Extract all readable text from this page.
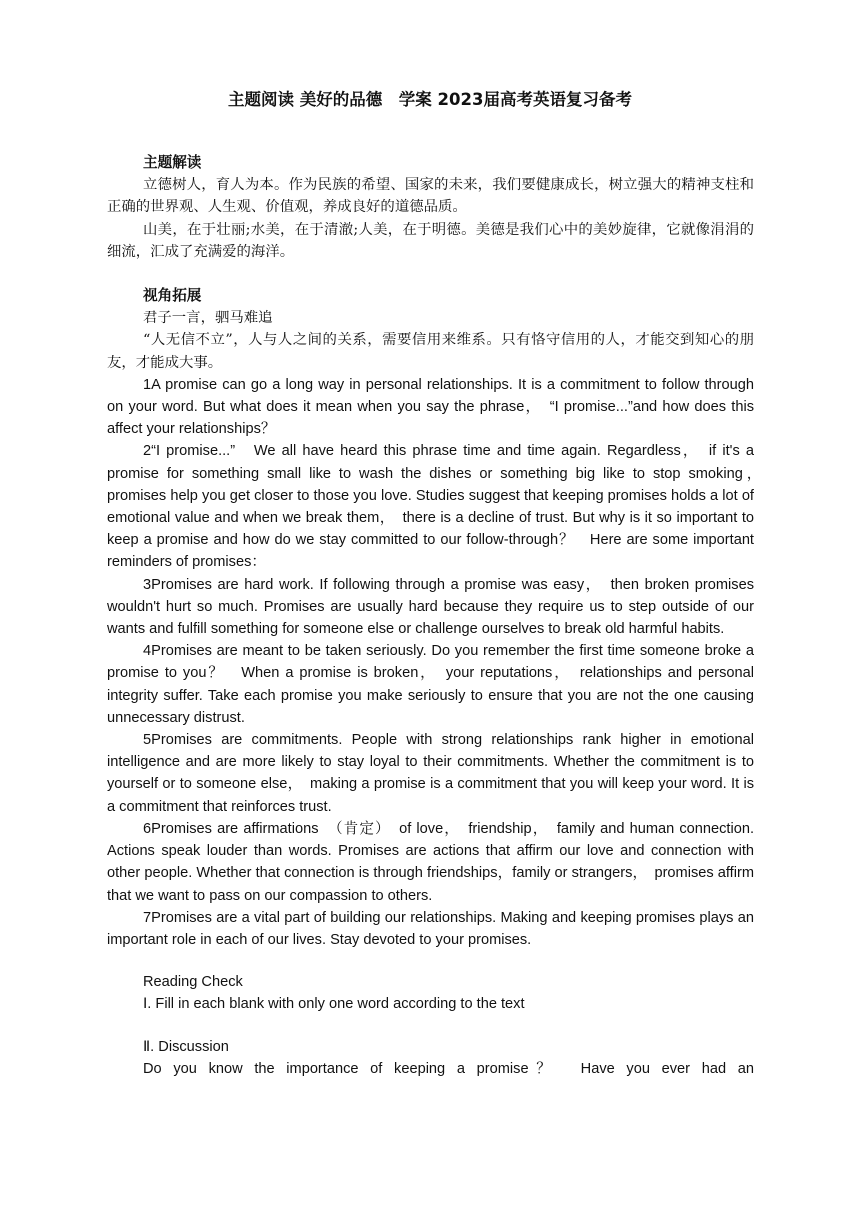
主题阅读 美好的品德　学案 2023届高考英语复习备考

主题解读

立德树人，育人为本。作为民族的希望、国家的未来，我们要健康成长，树立强大的精神支柱和正确的世界观、人生观、价值观，养成良好的道德品质。

山美，在于壮丽;水美，在于清澈;人美，在于明德。美德是我们心中的美妙旋律，它就像涓涓的细流，汇成了充满爱的海洋。

视角拓展

君子一言，驷马难追

“人无信不立”，人与人之间的关系，需要信用来维系。只有恪守信用的人，才能交到知心的朋友，才能成大事。

1A promise can go a long way in personal relationships. It is a commitment to follow through on your word. But what does it mean when you say the phrase，　“I promise...”and how does this affect your relationships？

2“I promise...”　We all have heard this phrase time and time again. Regardless，　if it's a promise for something small like to wash the dishes or something big like to stop smoking，　promises help you get closer to those you love. Studies suggest that keeping promises holds a lot of emotional value and when we break them，　there is a decline of trust. But why is it so important to keep a promise and how do we stay committed to our follow-through？　Here are some important reminders of promises：

3Promises are hard work. If following through a promise was easy，　then broken promises wouldn't hurt so much. Promises are usually hard because they require us to step outside of our wants and fulfill something for someone else or challenge ourselves to break old harmful habits.

4Promises are meant to be taken seriously. Do you remember the first time someone broke a promise to you？　When a promise is broken，　your reputations，　relationships and personal integrity suffer. Take each promise you make seriously to ensure that you are not the one causing unnecessary distrust.

5Promises are commitments. People with strong relationships rank higher in emotional intelligence and are more likely to stay loyal to their commitments. Whether the commitment is to yourself or to someone else，　making a promise is a commitment that you will keep your word. It is a commitment that reinforces trust.

6Promises are affirmations　（肯定）　of love，　friendship，　family and human connection. Actions speak louder than words. Promises are actions that affirm our love and connection with other people. Whether that connection is through friendships，family or strangers，　promises affirm that we want to pass on our compassion to others.

7Promises are a vital part of building our relationships. Making and keeping promises plays an important role in each of our lives. Stay devoted to your promises.

Reading Check

Ⅰ. Fill in each blank with only one word according to the text

Ⅱ. Discussion

Do you know the importance of keeping a promise？　Have you ever had an
